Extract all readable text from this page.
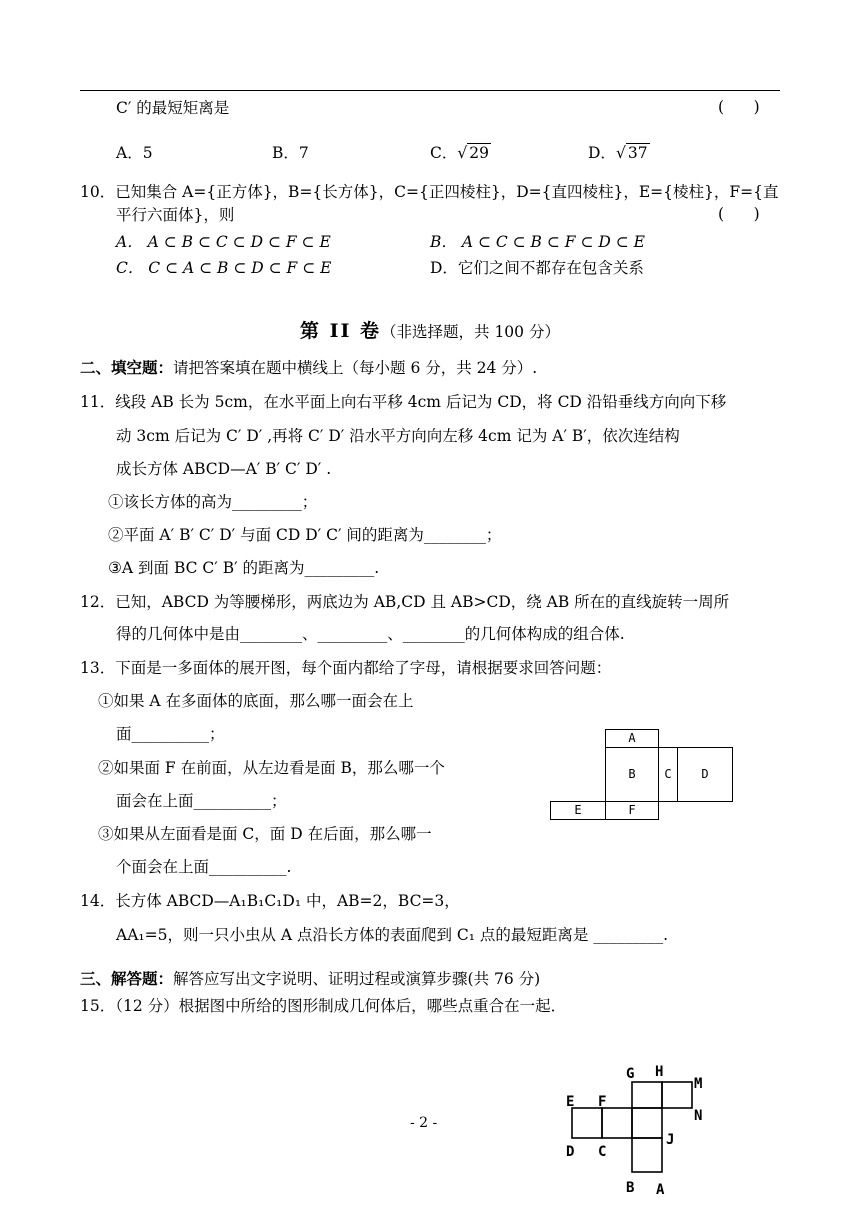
C′ 的最短矩离是	(      )
A．5	B．7	C．√ 29	D．√ 37
10．已知集合 A={正方体}，B={长方体}，C={正四棱柱}，D={直四棱柱}，E={棱柱}，F={直
平行六面体}，则	(      )
A． A ⊂ B ⊂ C ⊂ D ⊂ F ⊂ E	B． A ⊂ C ⊂ B ⊂ F ⊂ D ⊂ E
C． C ⊂ A ⊂ B ⊂ D ⊂ F ⊂ E	D．它们之间不都存在包含关系
第 II 卷（非选择题，共 100 分）
二、填空题：请把答案填在题中横线上（每小题 6 分，共 24 分）.
11．线段 AB 长为 5cm，在水平面上向右平移 4cm 后记为 CD，将 CD 沿铅垂线方向向下移
动 3cm 后记为 C′ D′ ,再将 C′ D′ 沿水平方向向左移 4cm 记为 A′ B′，依次连结构
成长方体 ABCD—A′ B′ C′ D′ .
①该长方体的高为_________；
②平面 A′ B′ C′ D′ 与面 CD D′ C′ 间的距离为________；
③A 到面 BC C′ B′ 的距离为_________.
12．已知，ABCD 为等腰梯形，两底边为 AB,CD 且 AB>CD，绕 AB 所在的直线旋转一周所
得的几何体中是由________、_________、________的几何体构成的组合体.
13．下面是一多面体的展开图，每个面内都给了字母，请根据要求回答问题：
①如果 A 在多面体的底面，那么哪一面会在上
面__________；
②如果面 F 在前面，从左边看是面 B，那么哪一个
面会在上面__________；
③如果从左面看是面 C，面 D 在后面，那么哪一
个面会在上面__________.
A
B	C	D
E	F
14．长方体 ABCD—A₁B₁C₁D₁ 中，AB=2，BC=3，
AA₁=5，则一只小虫从 A 点沿长方体的表面爬到 C₁ 点的最短距离是 _________.
三、解答题：解答应写出文字说明、证明过程或演算步骤(共 76 分)
15．（12 分）根据图中所给的图形制成几何体后，哪些点重合在一起．
G H
M
E F
N
J
D C
B A
- 2 -
